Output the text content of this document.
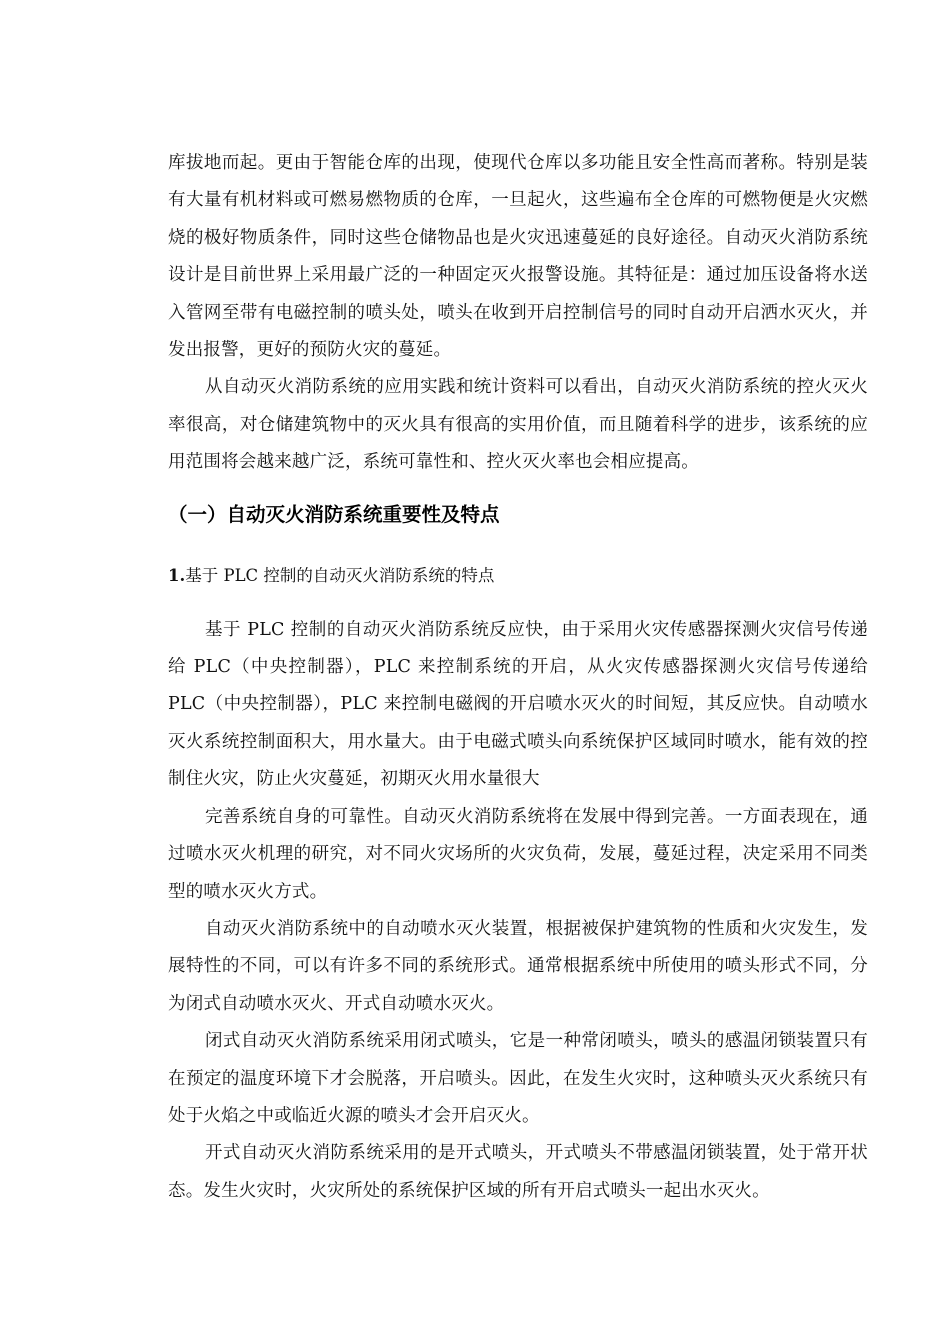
库拔地而起。更由于智能仓库的出现，使现代仓库以多功能且安全性高而著称。特别是装有大量有机材料或可燃易燃物质的仓库，一旦起火，这些遍布全仓库的可燃物便是火灾燃烧的极好物质条件，同时这些仓储物品也是火灾迅速蔓延的良好途径。自动灭火消防系统设计是目前世界上采用最广泛的一种固定灭火报警设施。其特征是：通过加压设备将水送入管网至带有电磁控制的喷头处，喷头在收到开启控制信号的同时自动开启洒水灭火，并发出报警，更好的预防火灾的蔓延。

从自动灭火消防系统的应用实践和统计资料可以看出，自动灭火消防系统的控火灭火率很高，对仓储建筑物中的灭火具有很高的实用价值，而且随着科学的进步，该系统的应用范围将会越来越广泛，系统可靠性和、控火灭火率也会相应提高。

（一）自动灭火消防系统重要性及特点

1.基于 PLC 控制的自动灭火消防系统的特点

基于 PLC 控制的自动灭火消防系统反应快，由于采用火灾传感器探测火灾信号传递给 PLC（中央控制器），PLC 来控制系统的开启，从火灾传感器探测火灾信号传递给 PLC（中央控制器），PLC 来控制电磁阀的开启喷水灭火的时间短，其反应快。自动喷水灭火系统控制面积大，用水量大。由于电磁式喷头向系统保护区域同时喷水，能有效的控制住火灾，防止火灾蔓延，初期灭火用水量很大

完善系统自身的可靠性。自动灭火消防系统将在发展中得到完善。一方面表现在，通过喷水灭火机理的研究，对不同火灾场所的火灾负荷，发展，蔓延过程，决定采用不同类型的喷水灭火方式。

自动灭火消防系统中的自动喷水灭火装置，根据被保护建筑物的性质和火灾发生，发展特性的不同，可以有许多不同的系统形式。通常根据系统中所使用的喷头形式不同，分为闭式自动喷水灭火、开式自动喷水灭火。

闭式自动灭火消防系统采用闭式喷头，它是一种常闭喷头，喷头的感温闭锁装置只有在预定的温度环境下才会脱落，开启喷头。因此，在发生火灾时，这种喷头灭火系统只有处于火焰之中或临近火源的喷头才会开启灭火。

开式自动灭火消防系统采用的是开式喷头，开式喷头不带感温闭锁装置，处于常开状态。发生火灾时，火灾所处的系统保护区域的所有开启式喷头一起出水灭火。
